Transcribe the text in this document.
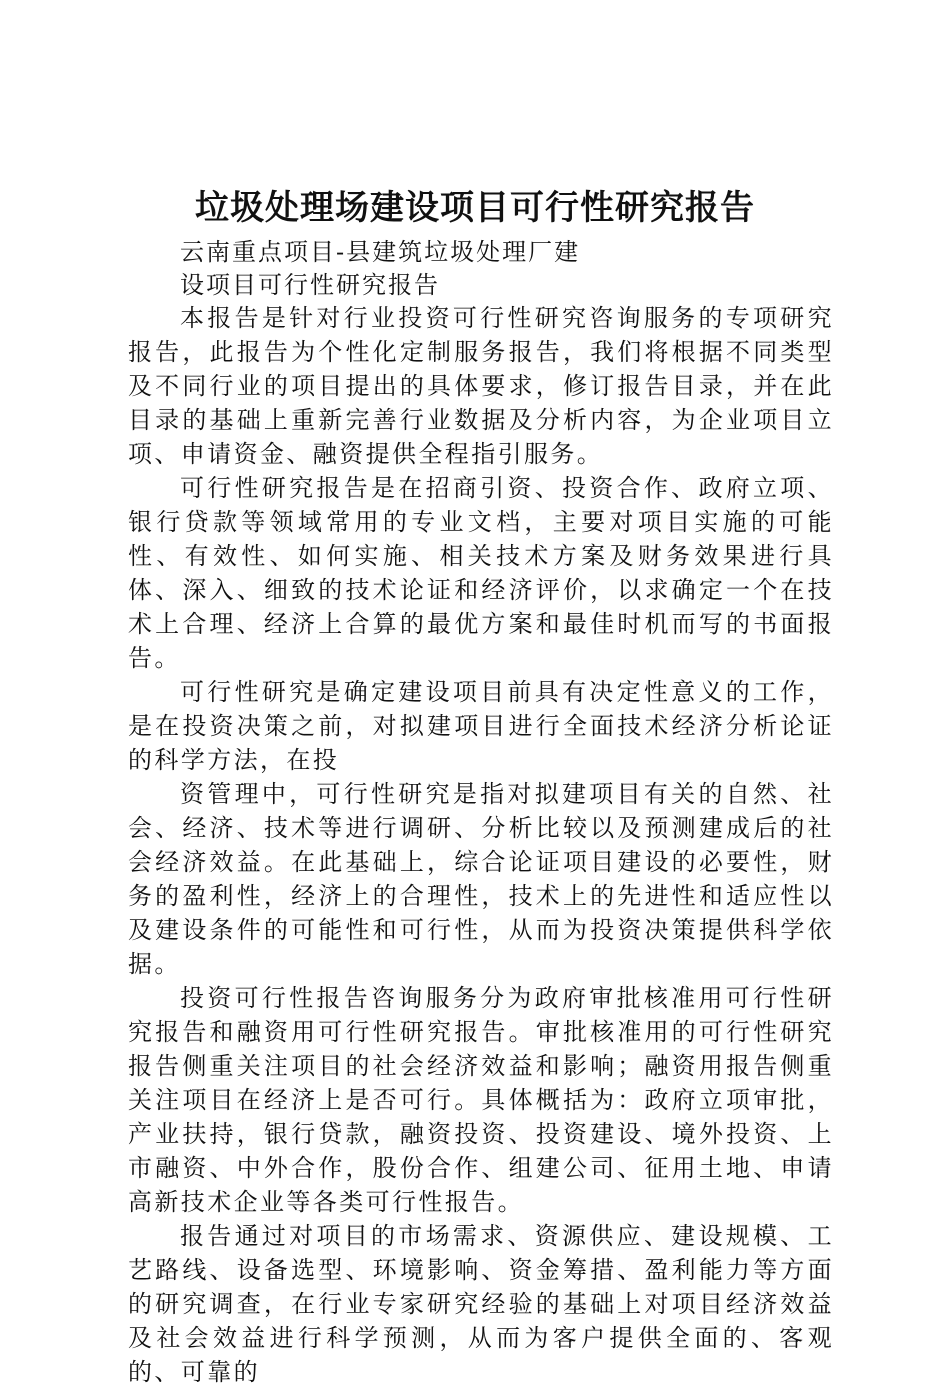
垃圾处理场建设项目可行性研究报告

云南重点项目-县建筑垃圾处理厂建

设项目可行性研究报告

本报告是针对行业投资可行性研究咨询服务的专项研究报告，此报告为个性化定制服务报告，我们将根据不同类型及不同行业的项目提出的具体要求，修订报告目录，并在此目录的基础上重新完善行业数据及分析内容，为企业项目立项、申请资金、融资提供全程指引服务。

可行性研究报告是在招商引资、投资合作、政府立项、银行贷款等领域常用的专业文档，主要对项目实施的可能性、有效性、如何实施、相关技术方案及财务效果进行具体、深入、细致的技术论证和经济评价，以求确定一个在技术上合理、经济上合算的最优方案和最佳时机而写的书面报告。

可行性研究是确定建设项目前具有决定性意义的工作，是在投资决策之前，对拟建项目进行全面技术经济分析论证的科学方法，在投

资管理中，可行性研究是指对拟建项目有关的自然、社会、经济、技术等进行调研、分析比较以及预测建成后的社会经济效益。在此基础上，综合论证项目建设的必要性，财务的盈利性，经济上的合理性，技术上的先进性和适应性以及建设条件的可能性和可行性，从而为投资决策提供科学依据。

投资可行性报告咨询服务分为政府审批核准用可行性研究报告和融资用可行性研究报告。审批核准用的可行性研究报告侧重关注项目的社会经济效益和影响；融资用报告侧重关注项目在经济上是否可行。具体概括为：政府立项审批，产业扶持，银行贷款，融资投资、投资建设、境外投资、上市融资、中外合作，股份合作、组建公司、征用土地、申请高新技术企业等各类可行性报告。

报告通过对项目的市场需求、资源供应、建设规模、工艺路线、设备选型、环境影响、资金筹措、盈利能力等方面的研究调查，在行业专家研究经验的基础上对项目经济效益及社会效益进行科学预测，从而为客户提供全面的、客观的、可靠的
